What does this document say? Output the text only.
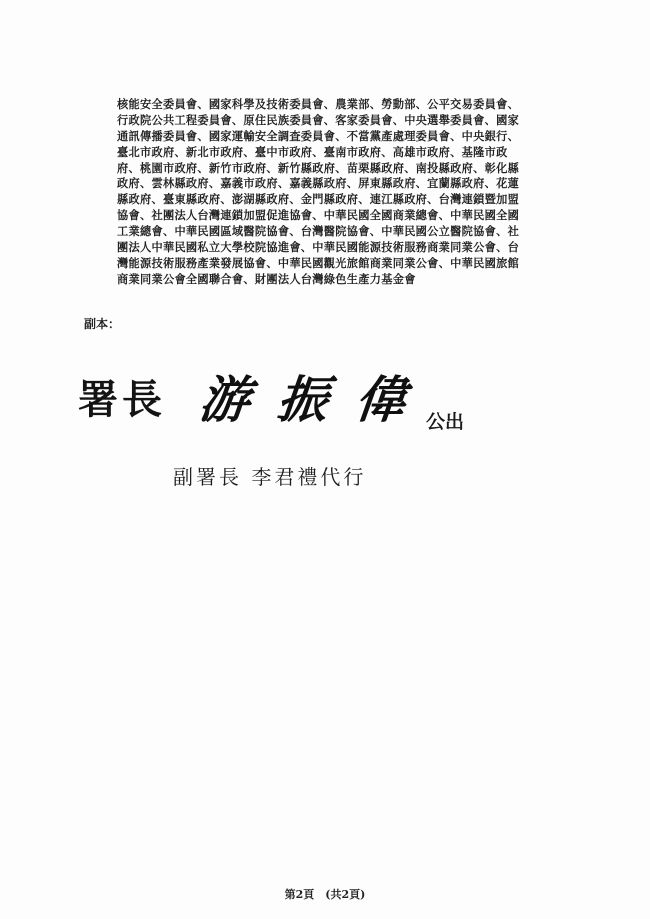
核能安全委員會、國家科學及技術委員會、農業部、勞動部、公平交易委員會、
行政院公共工程委員會、原住民族委員會、客家委員會、中央選舉委員會、國家
通訊傳播委員會、國家運輸安全調查委員會、不當黨產處理委員會、中央銀行、
臺北市政府、新北市政府、臺中市政府、臺南市政府、高雄市政府、基隆市政
府、桃園市政府、新竹市政府、新竹縣政府、苗栗縣政府、南投縣政府、彰化縣
政府、雲林縣政府、嘉義市政府、嘉義縣政府、屏東縣政府、宜蘭縣政府、花蓮
縣政府、臺東縣政府、澎湖縣政府、金門縣政府、連江縣政府、台灣連鎖暨加盟
協會、社團法人台灣連鎖加盟促進協會、中華民國全國商業總會、中華民國全國
工業總會、中華民國區域醫院協會、台灣醫院協會、中華民國公立醫院協會、社
團法人中華民國私立大學校院協進會、中華民國能源技術服務商業同業公會、台
灣能源技術服務產業發展協會、中華民國觀光旅館商業同業公會、中華民國旅館
商業同業公會全國聯合會、財團法人台灣綠色生產力基金會
副本：
署長 游振偉
公出
副署長 李君禮代行
第2頁　(共2頁)
